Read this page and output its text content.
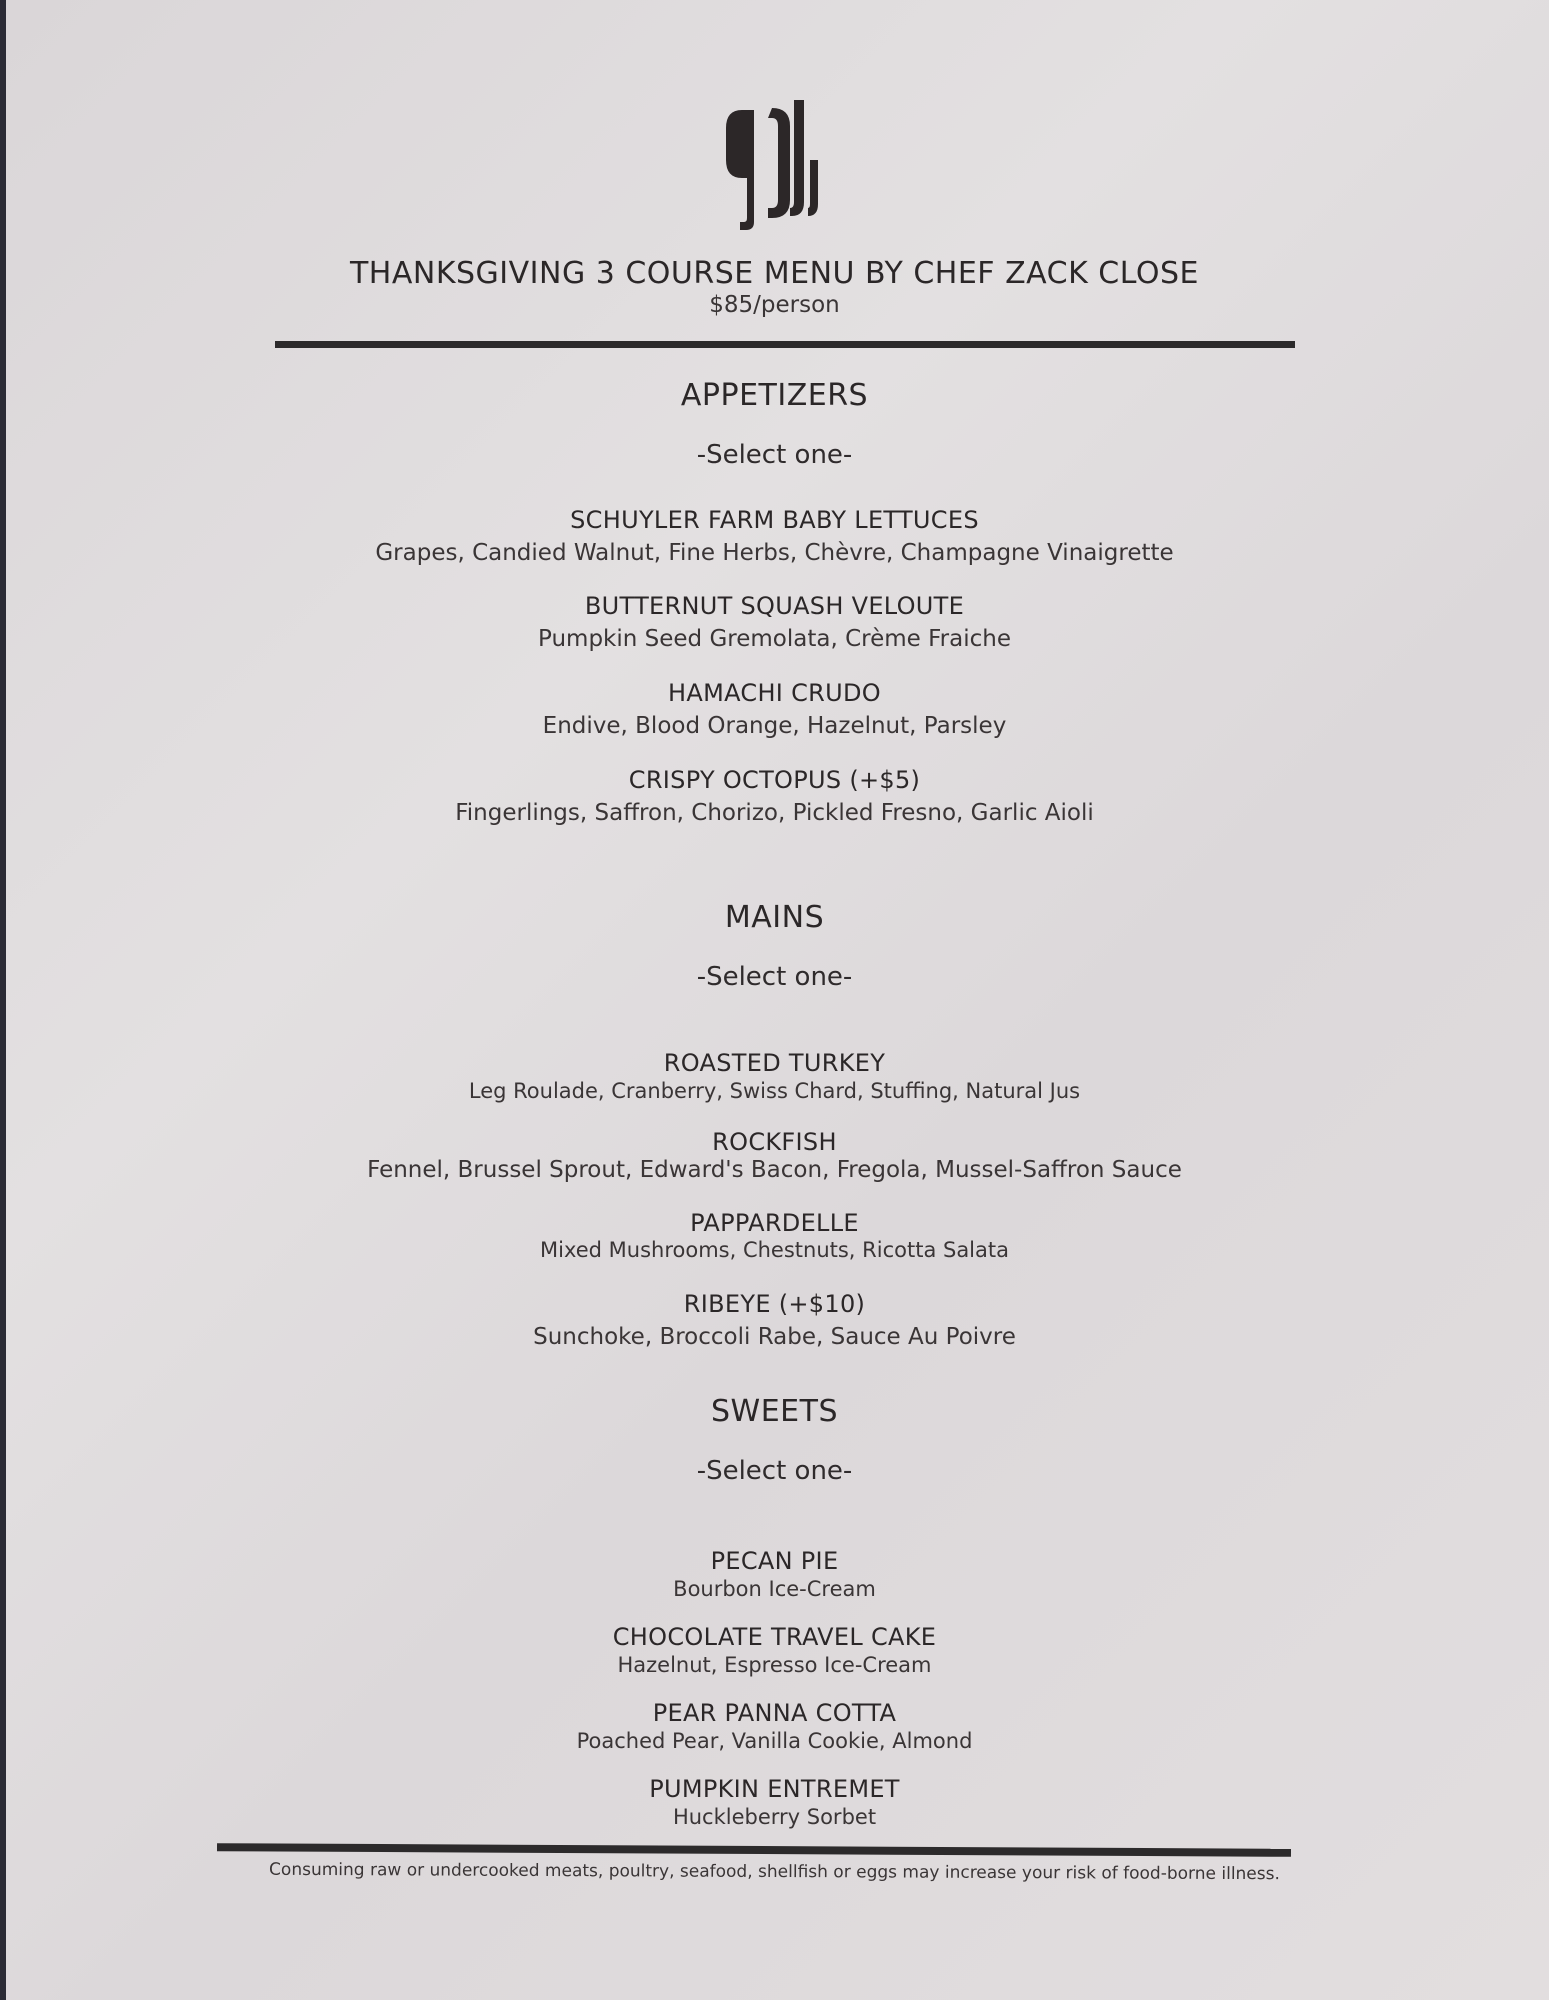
THANKSGIVING 3 COURSE MENU BY CHEF ZACK CLOSE
$85/person
APPETIZERS
-Select one-
SCHUYLER FARM BABY LETTUCES
Grapes, Candied Walnut, Fine Herbs, Chèvre, Champagne Vinaigrette
BUTTERNUT SQUASH VELOUTE
Pumpkin Seed Gremolata, Crème Fraiche
HAMACHI CRUDO
Endive, Blood Orange, Hazelnut, Parsley
CRISPY OCTOPUS (+$5)
Fingerlings, Saffron, Chorizo, Pickled Fresno, Garlic Aioli
MAINS
-Select one-
ROASTED TURKEY
Leg Roulade, Cranberry, Swiss Chard, Stuffing, Natural Jus
ROCKFISH
Fennel, Brussel Sprout, Edward's Bacon, Fregola, Mussel-Saffron Sauce
PAPPARDELLE
Mixed Mushrooms, Chestnuts, Ricotta Salata
RIBEYE (+$10)
Sunchoke, Broccoli Rabe, Sauce Au Poivre
SWEETS
-Select one-
PECAN PIE
Bourbon Ice-Cream
CHOCOLATE TRAVEL CAKE
Hazelnut, Espresso Ice-Cream
PEAR PANNA COTTA
Poached Pear, Vanilla Cookie, Almond
PUMPKIN ENTREMET
Huckleberry Sorbet
Consuming raw or undercooked meats, poultry, seafood, shellfish or eggs may increase your risk of food-borne illness.
